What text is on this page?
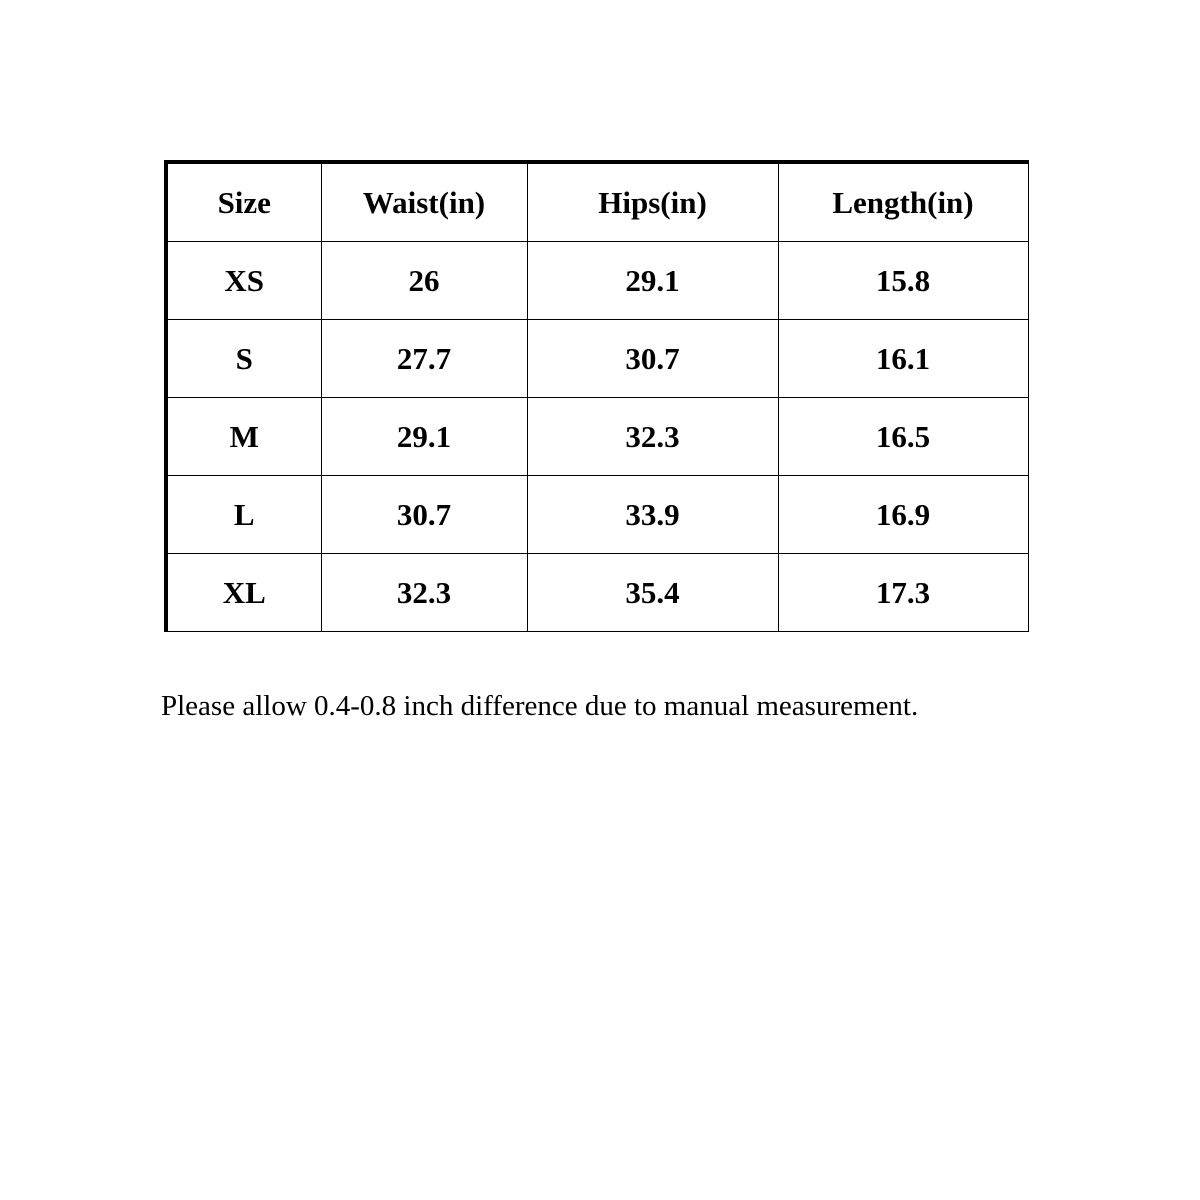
Size	Waist(in)	Hips(in)	Length(in)
XS	26	29.1	15.8
S	27.7	30.7	16.1
M	29.1	32.3	16.5
L	30.7	33.9	16.9
XL	32.3	35.4	17.3

Please allow 0.4-0.8 inch difference due to manual measurement.
